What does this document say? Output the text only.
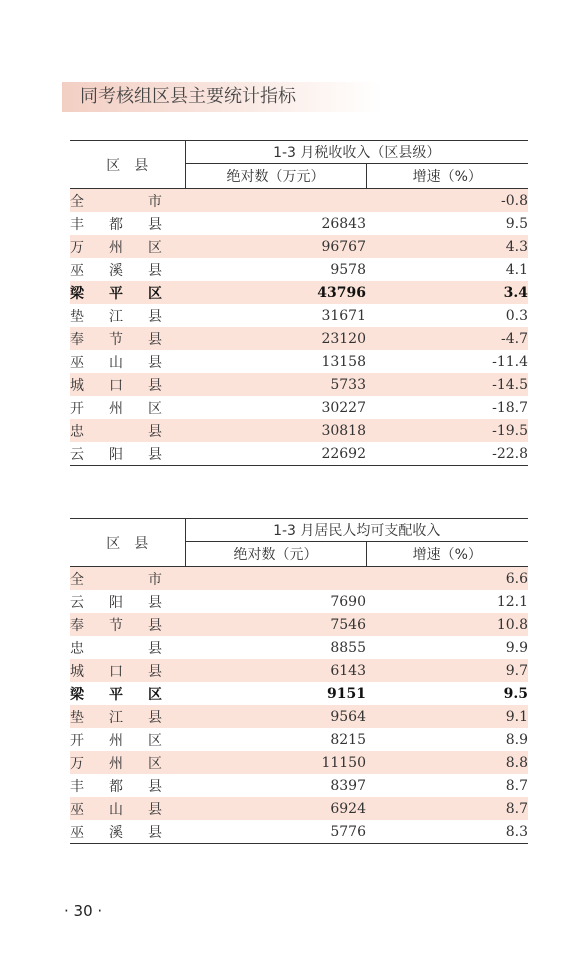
同考核组区县主要统计指标
区　县	1-3 月税收收入（区县级）	
	绝对数（万元）	增速（%）

全 市		-0.8

丰 都 县	26843	9.5

万 州 区	96767	4.3

巫 溪 县	9578	4.1

梁 平 区	43796	3.4

垫 江 县	31671	0.3

奉 节 县	23120	-4.7

巫 山 县	13158	-11.4

城 口 县	5733	-14.5

开 州 区	30227	-18.7

忠 县	30818	-19.5

云 阳 县	22692	-22.8
区　县	1-3 月居民人均可支配收入	
	绝对数（元）	增速（%）

全 市		6.6

云 阳 县	7690	12.1

奉 节 县	7546	10.8

忠 县	8855	9.9

城 口 县	6143	9.7

梁 平 区	9151	9.5

垫 江 县	9564	9.1

开 州 区	8215	8.9

万 州 区	11150	8.8

丰 都 县	8397	8.7

巫 山 县	6924	8.7

巫 溪 县	5776	8.3
· 30 ·
